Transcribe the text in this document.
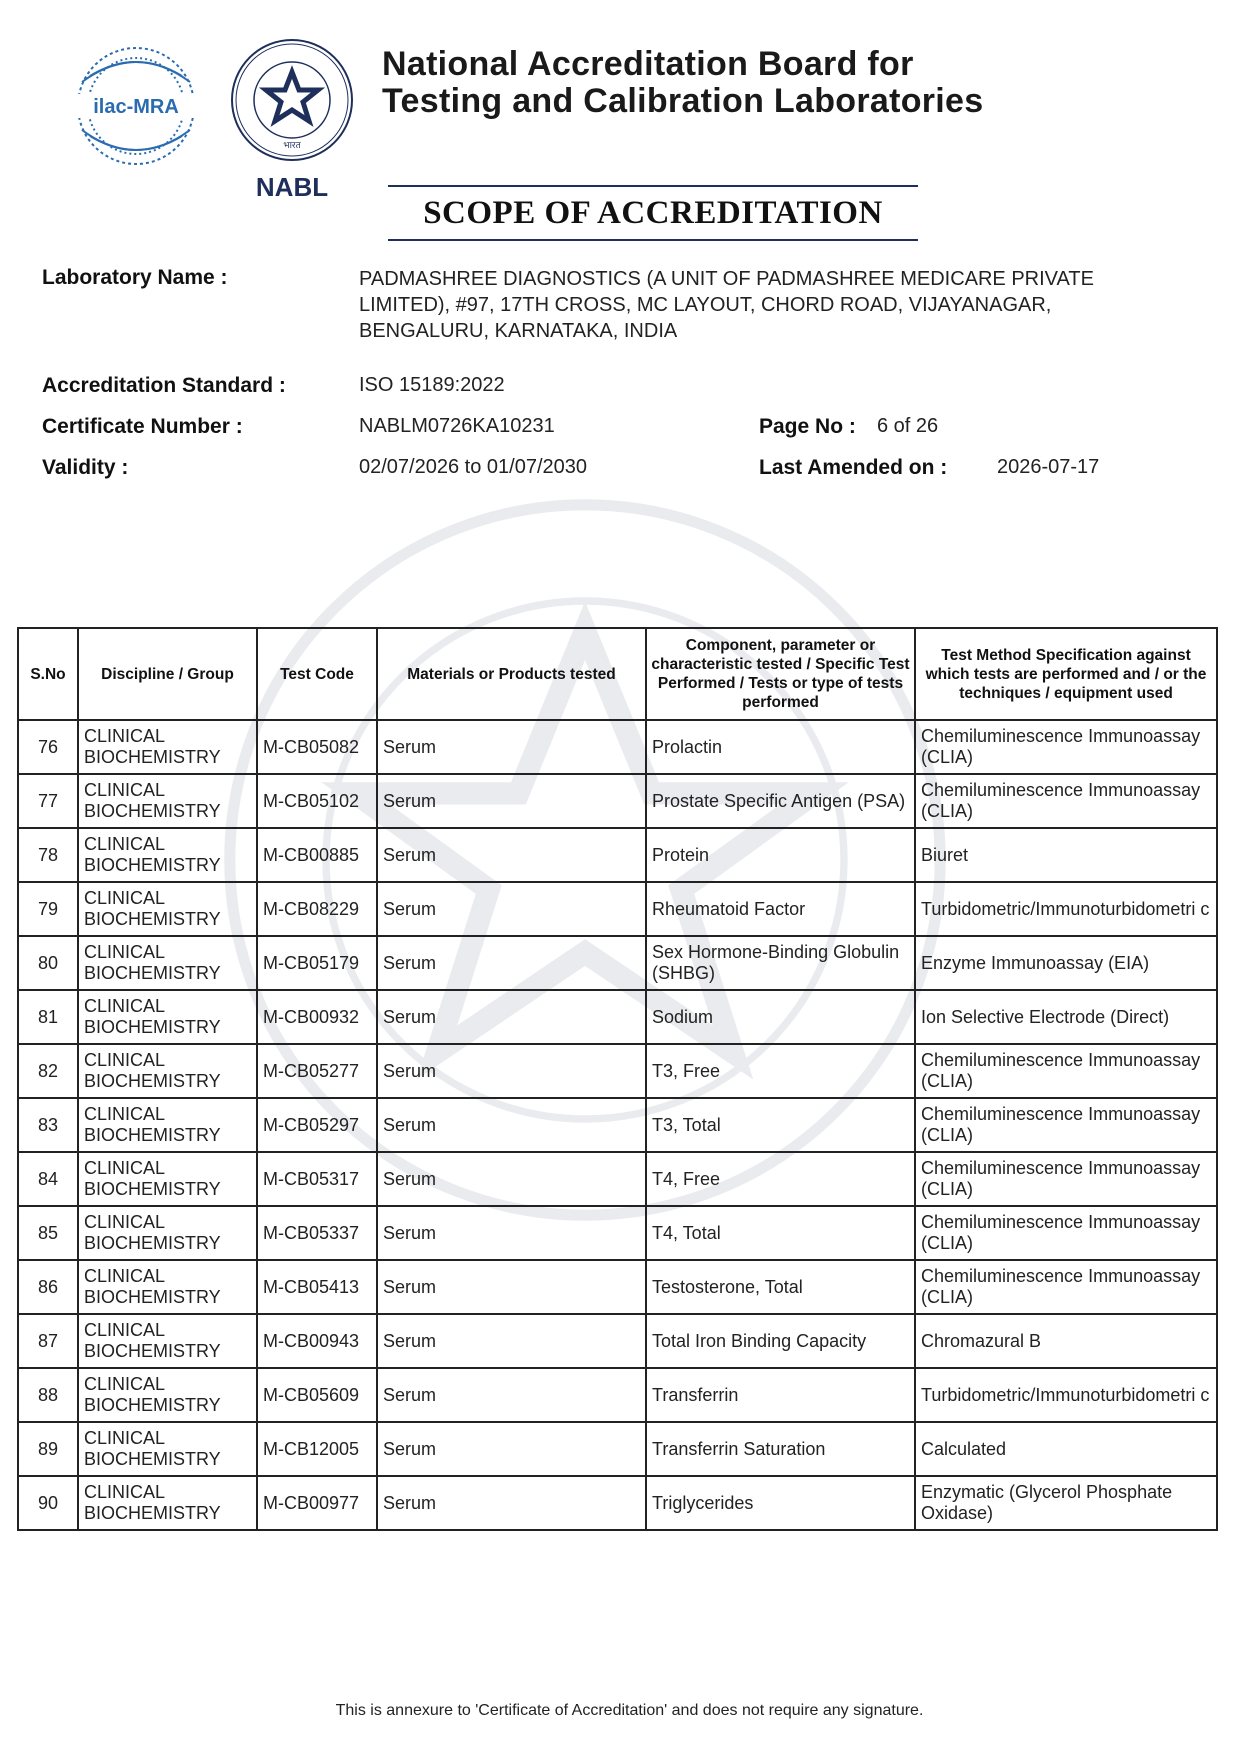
ilac-MRA
भारत
NABL
National Accreditation Board for
Testing and Calibration Laboratories
SCOPE OF ACCREDITATION
Laboratory Name :	PADMASHREE DIAGNOSTICS (A UNIT OF PADMASHREE MEDICARE PRIVATE
LIMITED), #97, 17TH CROSS, MC LAYOUT, CHORD ROAD, VIJAYANAGAR,
BENGALURU, KARNATAKA, INDIA
Accreditation Standard :	ISO 15189:2022
Certificate Number :	NABLM0726KA10231	Page No : 6 of 26
Validity :	02/07/2026 to 01/07/2030	Last Amended on : 2026-07-17
S.No	Discipline / Group	Test Code	Materials or Products tested	Component, parameter or characteristic tested / Specific Test Performed / Tests or type of tests performed	Test Method Specification against which tests are performed and / or the techniques / equipment used
76	CLINICAL BIOCHEMISTRY	M-CB05082	Serum	Prolactin	Chemiluminescence Immunoassay (CLIA)
77	CLINICAL BIOCHEMISTRY	M-CB05102	Serum	Prostate Specific Antigen (PSA)	Chemiluminescence Immunoassay (CLIA)
78	CLINICAL BIOCHEMISTRY	M-CB00885	Serum	Protein	Biuret
79	CLINICAL BIOCHEMISTRY	M-CB08229	Serum	Rheumatoid Factor	Turbidometric/Immunoturbidometri c
80	CLINICAL BIOCHEMISTRY	M-CB05179	Serum	Sex Hormone-Binding Globulin (SHBG)	Enzyme Immunoassay (EIA)
81	CLINICAL BIOCHEMISTRY	M-CB00932	Serum	Sodium	Ion Selective Electrode (Direct)
82	CLINICAL BIOCHEMISTRY	M-CB05277	Serum	T3, Free	Chemiluminescence Immunoassay (CLIA)
83	CLINICAL BIOCHEMISTRY	M-CB05297	Serum	T3, Total	Chemiluminescence Immunoassay (CLIA)
84	CLINICAL BIOCHEMISTRY	M-CB05317	Serum	T4, Free	Chemiluminescence Immunoassay (CLIA)
85	CLINICAL BIOCHEMISTRY	M-CB05337	Serum	T4, Total	Chemiluminescence Immunoassay (CLIA)
86	CLINICAL BIOCHEMISTRY	M-CB05413	Serum	Testosterone, Total	Chemiluminescence Immunoassay (CLIA)
87	CLINICAL BIOCHEMISTRY	M-CB00943	Serum	Total Iron Binding Capacity	Chromazural B
88	CLINICAL BIOCHEMISTRY	M-CB05609	Serum	Transferrin	Turbidometric/Immunoturbidometri c
89	CLINICAL BIOCHEMISTRY	M-CB12005	Serum	Transferrin Saturation	Calculated
90	CLINICAL BIOCHEMISTRY	M-CB00977	Serum	Triglycerides	Enzymatic (Glycerol Phosphate Oxidase)
This is annexure to 'Certificate of Accreditation' and does not require any signature.
